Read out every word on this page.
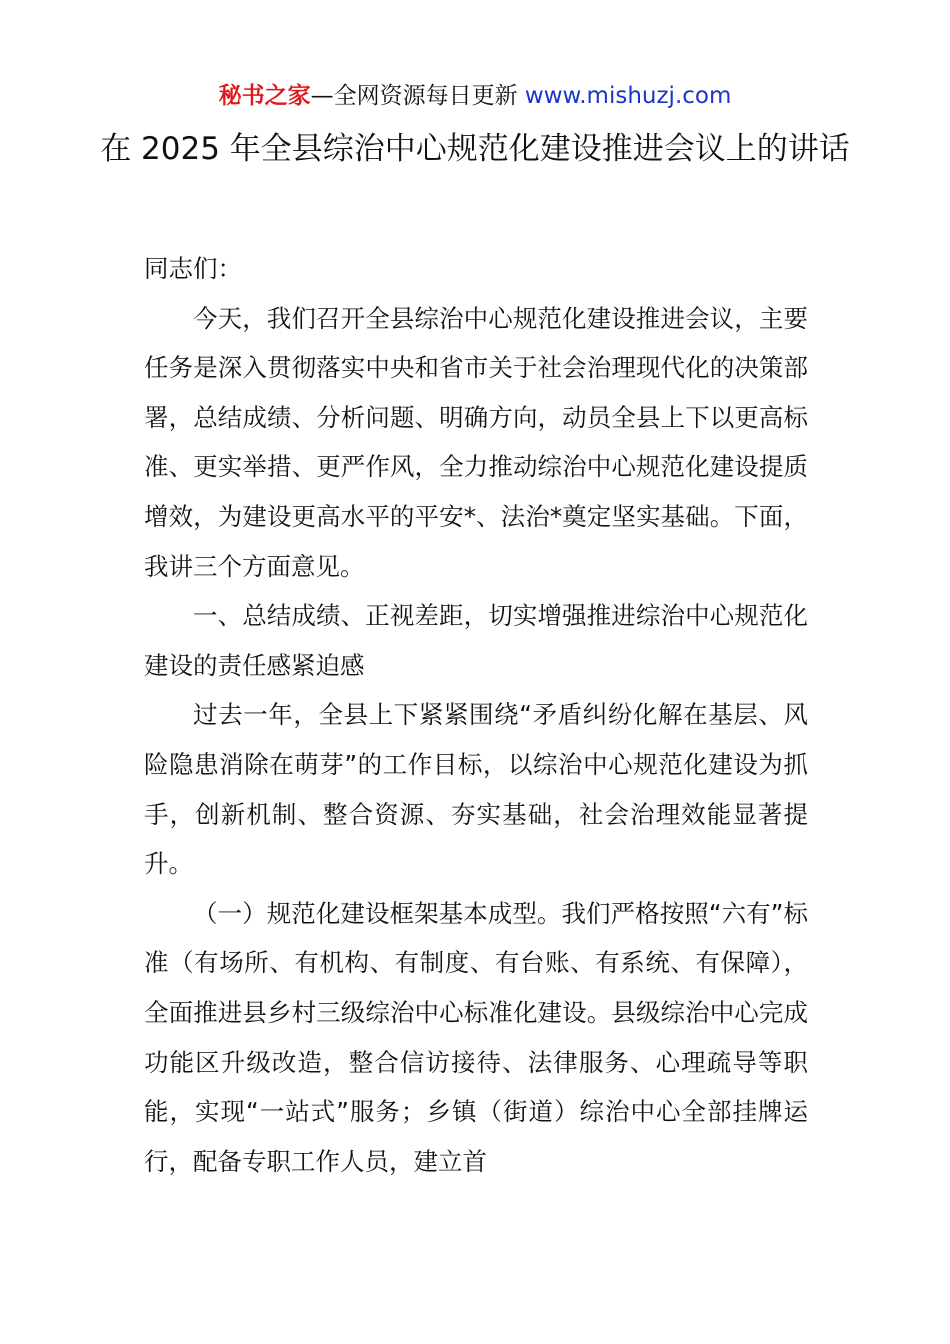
秘书之家—全网资源每日更新 www.mishuzj.com
在 2025 年全县综治中心规范化建设推进会议上的讲话

同志们：

今天，我们召开全县综治中心规范化建设推进会议，主要任务是深入贯彻落实中央和省市关于社会治理现代化的决策部署，总结成绩、分析问题、明确方向，动员全县上下以更高标准、更实举措、更严作风，全力推动综治中心规范化建设提质增效，为建设更高水平的平安*、法治*奠定坚实基础。下面，我讲三个方面意见。

一、总结成绩、正视差距，切实增强推进综治中心规范化建设的责任感紧迫感

过去一年，全县上下紧紧围绕“矛盾纠纷化解在基层、风险隐患消除在萌芽”的工作目标，以综治中心规范化建设为抓手，创新机制、整合资源、夯实基础，社会治理效能显著提升。

（一）规范化建设框架基本成型。我们严格按照“六有”标准（有场所、有机构、有制度、有台账、有系统、有保障），全面推进县乡村三级综治中心标准化建设。县级综治中心完成功能区升级改造，整合信访接待、法律服务、心理疏导等职能，实现“一站式”服务；乡镇（街道）综治中心全部挂牌运行，配备专职工作人员，建立首
